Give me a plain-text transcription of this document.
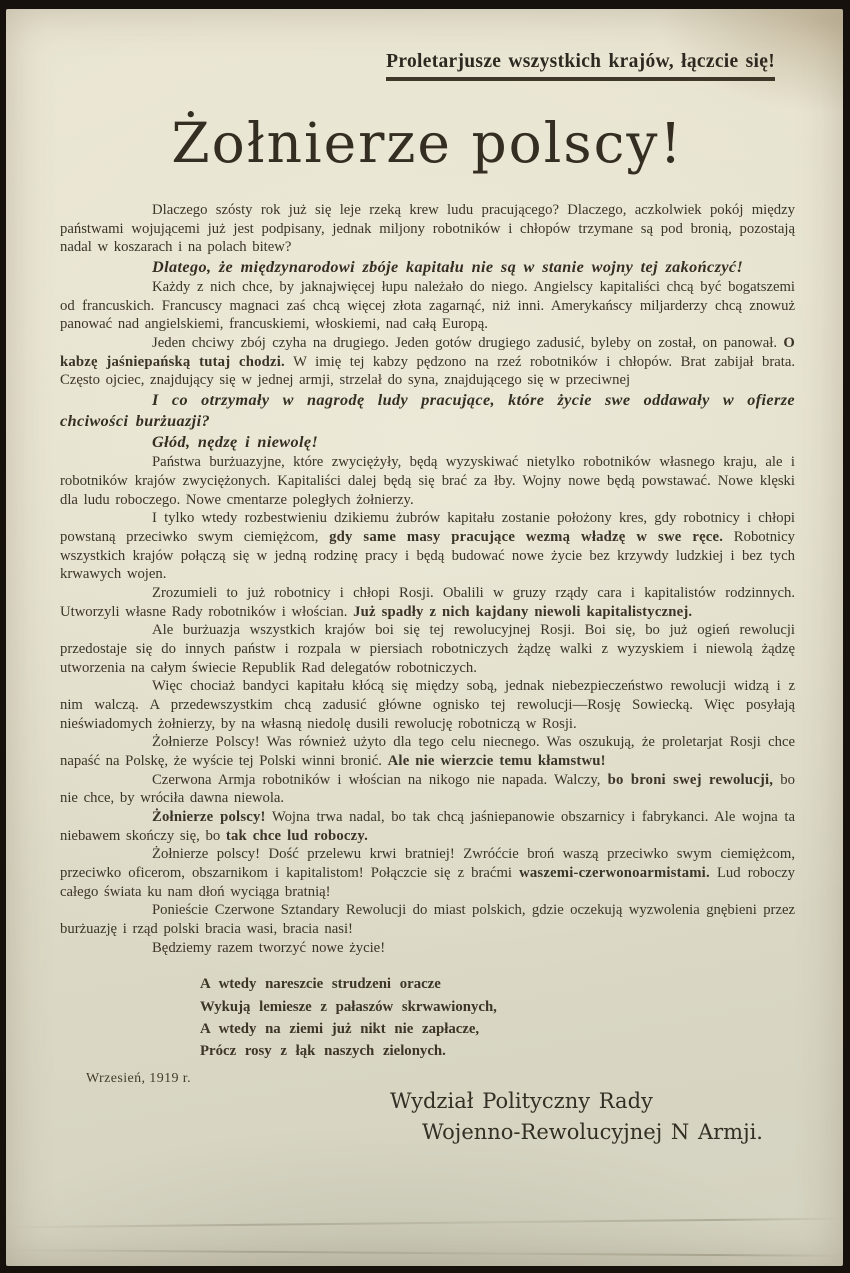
Proletarjusze wszystkich krajów, łączcie się!
Żołnierze polscy!

Dlaczego szósty rok już się leje rzeką krew ludu pracującego? Dlaczego, aczkolwiek pokój między państwami wojującemi już jest podpisany, jednak miljony robotników i chłopów trzymane są pod bronią, pozostają nadal w koszarach i na polach bitew?

Dlatego, że międzynarodowi zbóje kapitału nie są w stanie wojny tej zakończyć!

Każdy z nich chce, by jaknajwięcej łupu należało do niego. Angielscy kapitaliści chcą być bogatszemi od francuskich. Francuscy magnaci zaś chcą więcej złota zagarnąć, niż inni. Amerykańscy miljarderzy chcą znowuż panować nad angielskiemi, francuskiemi, włoskiemi, nad całą Europą.

Jeden chciwy zbój czyha na drugiego. Jeden gotów drugiego zadusić, byleby on został, on panował. O kabzę jaśniepańską tutaj chodzi. W imię tej kabzy pędzono na rzeź robotników i chłopów. Brat zabijał brata. Często ojciec, znajdujący się w jednej armji, strzelał do syna, znajdującego się w przeciwnej

I co otrzymały w nagrodę ludy pracujące, które życie swe oddawały w ofierze chciwości burżuazji?

Głód, nędzę i niewolę!

Państwa burżuazyjne, które zwyciężyły, będą wyzyskiwać nietylko robotników własnego kraju, ale i robotników krajów zwyciężonych. Kapitaliści dalej będą się brać za łby. Wojny nowe będą powstawać. Nowe klęski dla ludu roboczego. Nowe cmentarze poległych żołnierzy.

I tylko wtedy rozbestwieniu dzikiemu żubrów kapitału zostanie położony kres, gdy robotnicy i chłopi powstaną przeciwko swym ciemiężcom, gdy same masy pracujące wezmą władzę w swe ręce. Robotnicy wszystkich krajów połączą się w jedną rodzinę pracy i będą budować nowe życie bez krzywdy ludzkiej i bez tych krwawych wojen.

Zrozumieli to już robotnicy i chłopi Rosji. Obalili w gruzy rządy cara i kapitalistów rodzinnych. Utworzyli własne Rady robotników i włościan. Już spadły z nich kajdany niewoli kapitalistycznej.

Ale burżuazja wszystkich krajów boi się tej rewolucyjnej Rosji. Boi się, bo już ogień rewolucji przedostaje się do innych państw i rozpala w piersiach robotniczych żądzę walki z wyzyskiem i niewolą żądzę utworzenia na całym świecie Republik Rad delegatów robotniczych.

Więc chociaż bandyci kapitału kłócą się między sobą, jednak niebezpieczeństwo rewolucji widzą i z nim walczą. A przedewszystkim chcą zadusić główne ognisko tej rewolucji—Rosję Sowiecką. Więc posyłają nieświadomych żołnierzy, by na własną niedolę dusili rewolucję robotniczą w Rosji.

Żołnierze Polscy! Was również użyto dla tego celu niecnego. Was oszukują, że proletarjat Rosji chce napaść na Polskę, że wyście tej Polski winni bronić. Ale nie wierzcie temu kłamstwu!

Czerwona Armja robotników i włościan na nikogo nie napada. Walczy, bo broni swej rewolucji, bo nie chce, by wróciła dawna niewola.

Żołnierze polscy! Wojna trwa nadal, bo tak chcą jaśniepanowie obszarnicy i fabrykanci. Ale wojna ta niebawem skończy się, bo tak chce lud roboczy.

Żołnierze polscy! Dość przelewu krwi bratniej! Zwróćcie broń waszą przeciwko swym ciemiężcom, przeciwko oficerom, obszarnikom i kapitalistom! Połączcie się z braćmi waszemi-czerwonoarmistami. Lud roboczy całego świata ku nam dłoń wyciąga bratnią!

Ponieście Czerwone Sztandary Rewolucji do miast polskich, gdzie oczekują wyzwolenia gnębieni przez burżuazję i rząd polski bracia wasi, bracia nasi!

Będziemy razem tworzyć nowe życie!

A wtedy nareszcie strudzeni oracze
Wykują lemiesze z pałaszów skrwawionych,
A wtedy na ziemi już nikt nie zapłacze,
Prócz rosy z łąk naszych zielonych.
Wydział Polityczny Rady
Wojenno-Rewolucyjnej N Armji.
Wrzesień, 1919 r.
